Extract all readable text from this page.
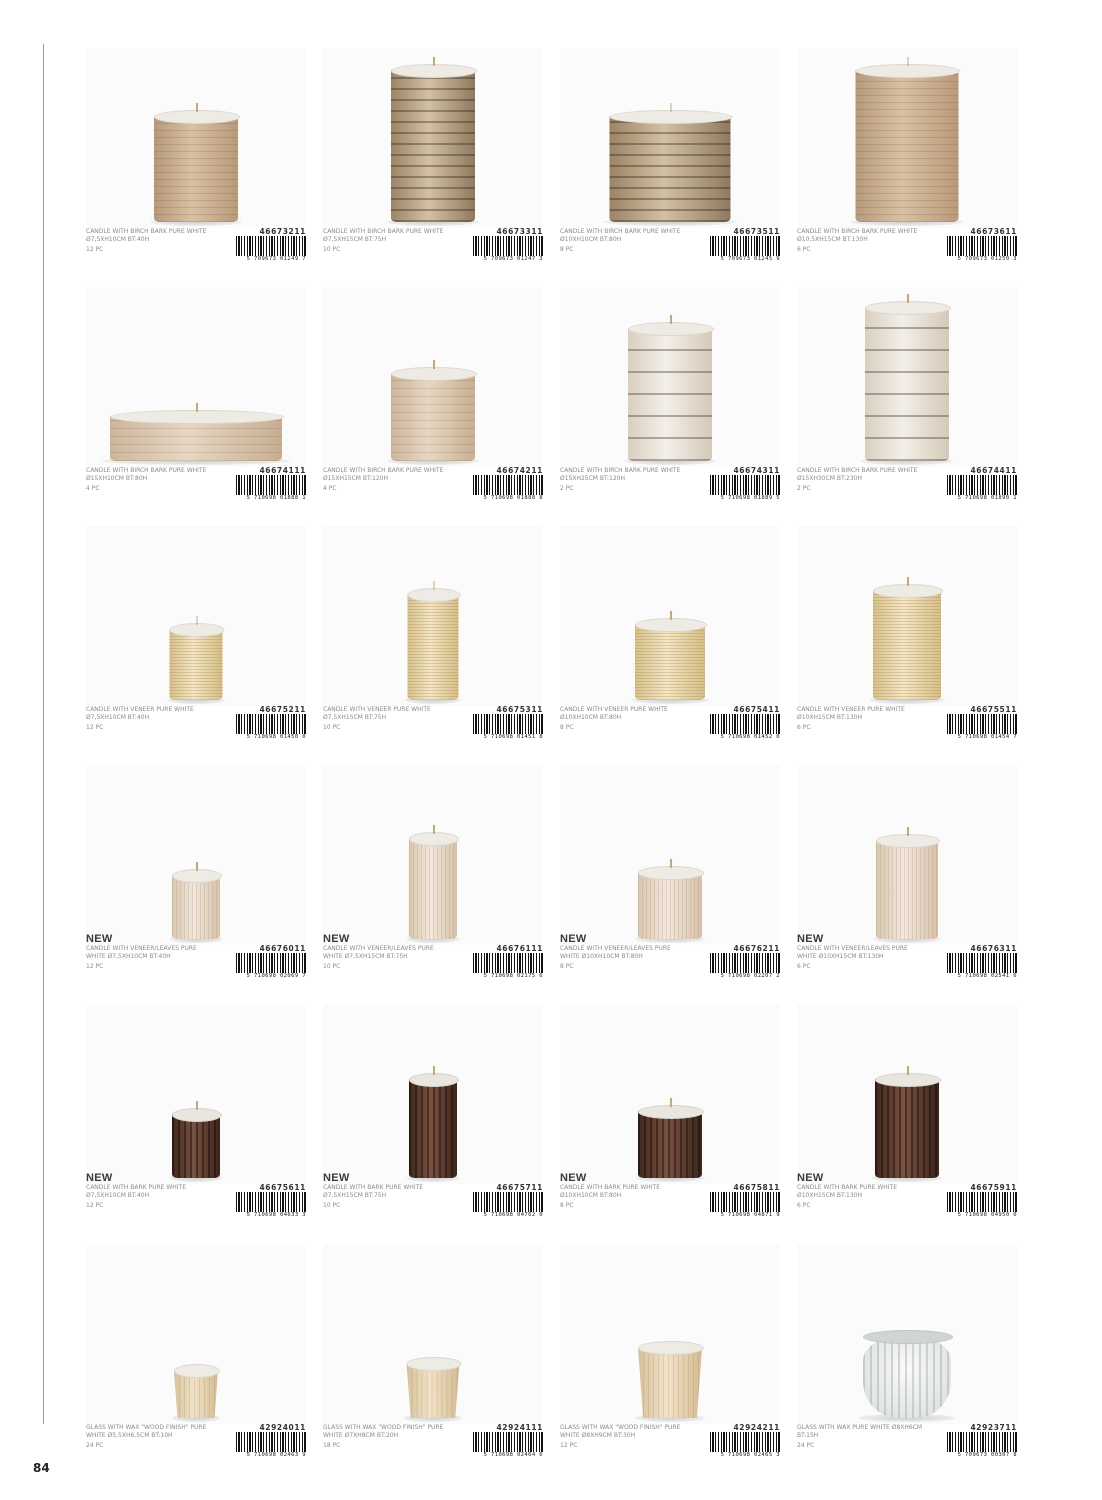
CANDLE WITH BIRCH BARK PURE WHITE
Ø7,5XH10CM BT:40H
12 PC
46673211
5 709673 01249 7
CANDLE WITH BIRCH BARK PURE WHITE
Ø7,5XH15CM BT:75H
10 PC
46673311
5 709673 01247 3
CANDLE WITH BIRCH BARK PURE WHITE
Ø10XH10CM BT:80H
8 PC
46673511
5 709673 01245 9
CANDLE WITH BIRCH BARK PURE WHITE
Ø10,5XH15CM BT:130H
6 PC
46673611
5 709673 01250 3
CANDLE WITH BIRCH BARK PURE WHITE
Ø15XH10CM BT:80H
4 PC
46674111
5 710698 01888 1
CANDLE WITH BIRCH BARK PURE WHITE
Ø15XH15CM BT:120H
4 PC
46674211
5 710698 01888 8
CANDLE WITH BIRCH BARK PURE WHITE
Ø15XH25CM BT:120H
2 PC
46674311
5 710698 01889 5
CANDLE WITH BIRCH BARK PURE WHITE
Ø15XH30CM BT:230H
2 PC
46674411
5 710698 01890 1
CANDLE WITH VENEER PURE WHITE
Ø7,5XH10CM BT:40H
12 PC
46675211
5 710698 01450 0
CANDLE WITH VENEER PURE WHITE
Ø7,5XH15CM BT:75H
10 PC
46675311
5 710698 01451 8
CANDLE WITH VENEER PURE WHITE
Ø10XH10CM BT:80H
8 PC
46675411
5 710698 01452 0
CANDLE WITH VENEER PURE WHITE
Ø10XH15CM BT:130H
6 PC
46675511
5 710698 01454 7
NEW
CANDLE WITH VENEER/LEAVES PURE
WHITE Ø7,5XH10CM BT:40H
12 PC
46676011
5 710698 02069 7
NEW
CANDLE WITH VENEER/LEAVES PURE
WHITE Ø7,5XH15CM BT:75H
10 PC
46676111
5 710698 02175 6
NEW
CANDLE WITH VENEER/LEAVES PURE
WHITE Ø10XH10CM BT:80H
8 PC
46676211
5 710698 02207 2
NEW
CANDLE WITH VENEER/LEAVES PURE
WHITE Ø10XH15CM BT:130H
6 PC
46676311
5 710698 02541 6
NEW
CANDLE WITH BARK PURE WHITE
Ø7,5XH10CM BT:40H
12 PC
46675611
5 710698 04633 3
NEW
CANDLE WITH BARK PURE WHITE
Ø7,5XH15CM BT:75H
10 PC
46675711
5 710698 04762 0
NEW
CANDLE WITH BARK PURE WHITE
Ø10XH10CM BT:80H
8 PC
46675811
5 710698 04871 9
NEW
CANDLE WITH BARK PURE WHITE
Ø10XH15CM BT:130H
6 PC
46675911
5 710698 04950 0
GLASS WITH WAX "WOOD FINISH" PURE
WHITE Ø5,5XH6,5CM BT:10H
24 PC
42924011
5 710698 02463 9
GLASS WITH WAX "WOOD FINISH" PURE
WHITE Ø7XH8CM BT:20H
18 PC
42924111
5 710698 02464 6
GLASS WITH WAX "WOOD FINISH" PURE
WHITE Ø8XH9CM BT:30H
12 PC
42924211
5 710698 02465 3
GLASS WITH WAX PURE WHITE Ø8XH6CM
BT:15H
24 PC
42923711
5 709673 00307 8
84
